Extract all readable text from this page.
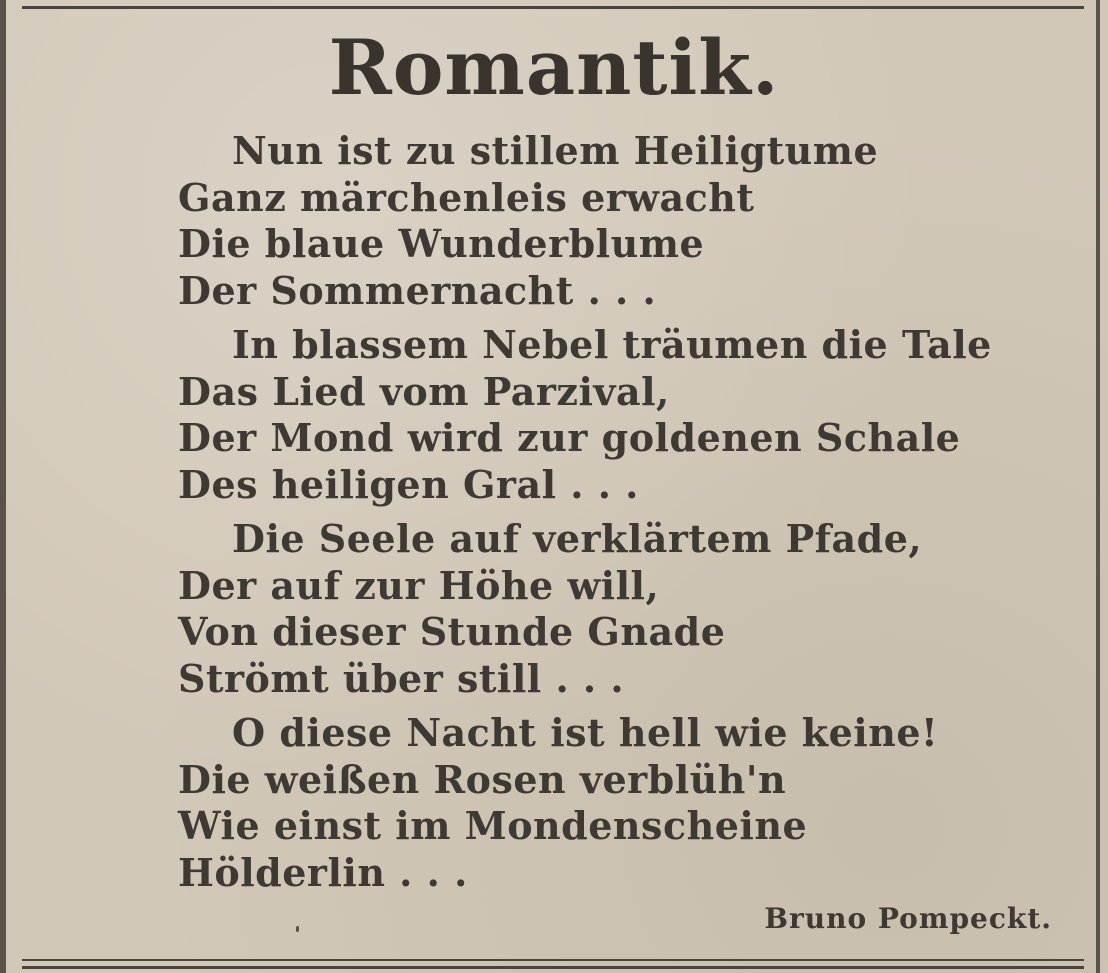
Romantik.
Nun ist zu stillem Heiligtume
Ganz märchenleis erwacht
Die blaue Wunderblume
Der Sommernacht . . .
In blassem Nebel träumen die Tale
Das Lied vom Parzival,
Der Mond wird zur goldenen Schale
Des heiligen Gral . . .
Die Seele auf verklärtem Pfade,
Der auf zur Höhe will,
Von dieser Stunde Gnade
Strömt über still . . .
O diese Nacht ist hell wie keine!
Die weißen Rosen verblüh'n
Wie einst im Mondenscheine
Hölderlin . . .
Bruno Pompeckt.
